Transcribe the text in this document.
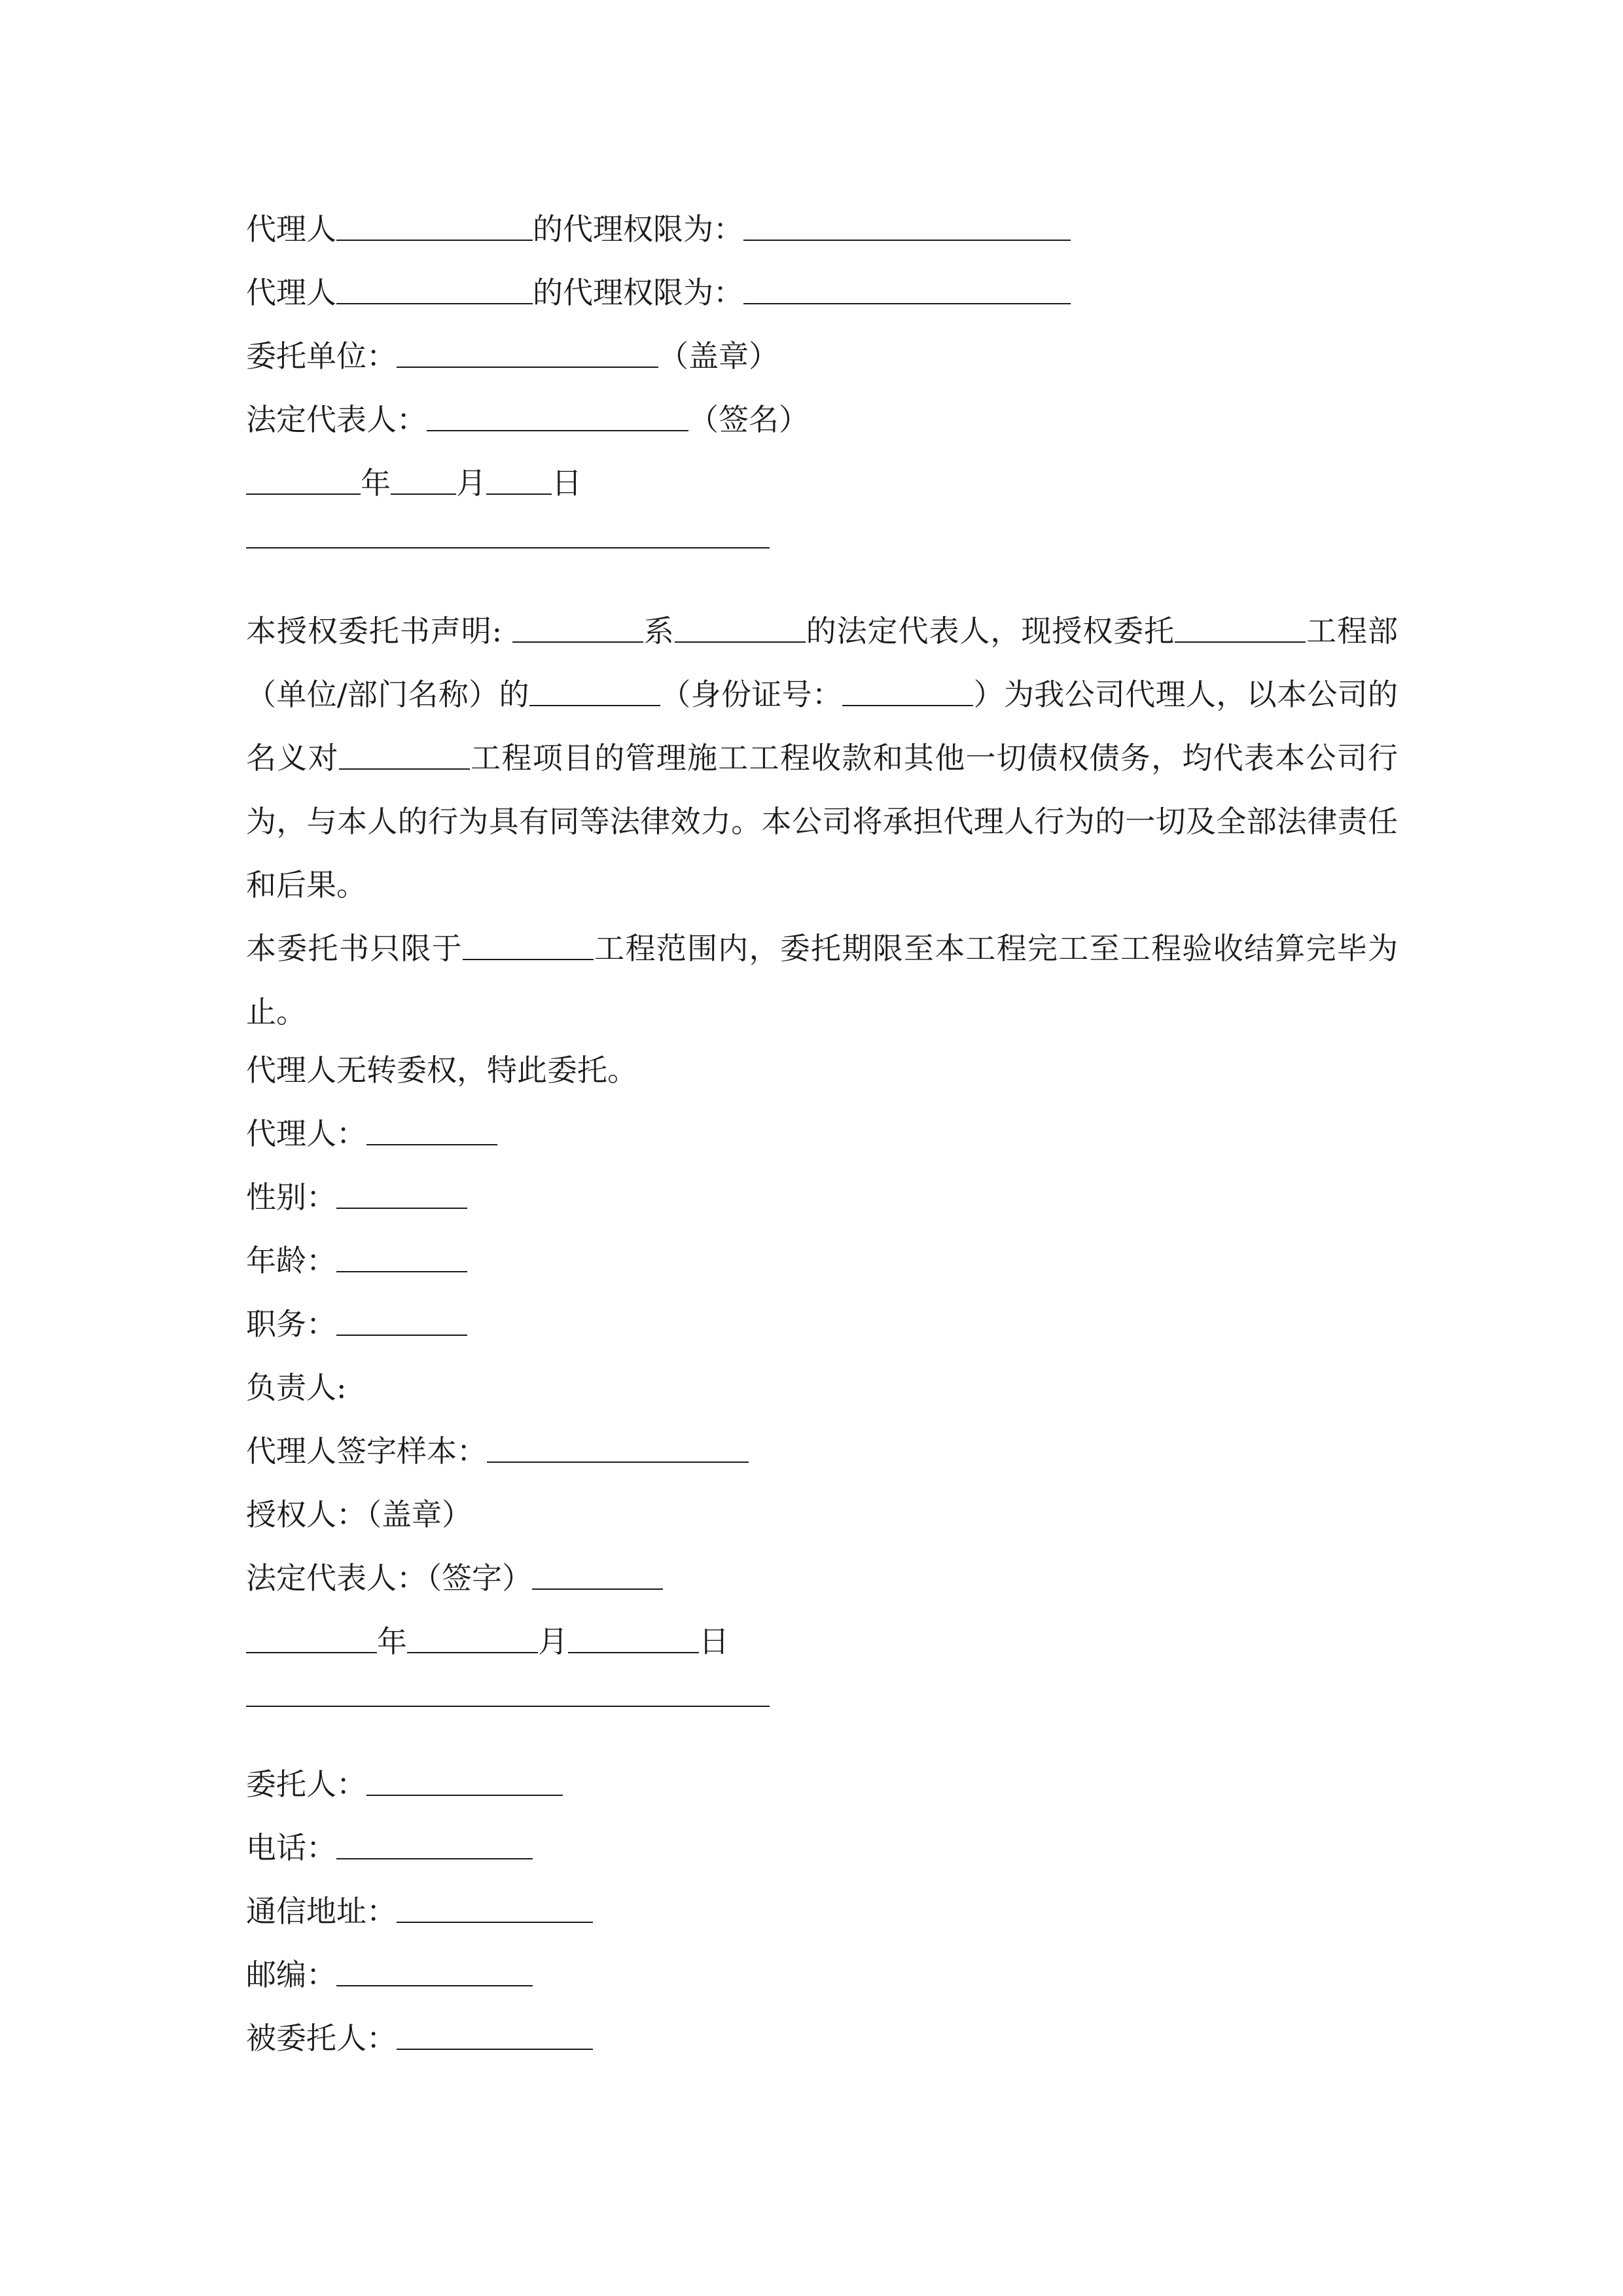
代理人	的代理权限为：
代理人	的代理权限为：
委托单位：	（盖章）
法定代表人：	（签名）
年 月 日
本授权委托书声明:	系	的法定代表人，现授权委托	工程部（单位/部门名称）的	（身份证号：	）为我公司代理人，以本公司的名义对	工程项目的管理施工工程收款和其他一切债权债务，均代表本公司行为，与本人的行为具有同等法律效力。本公司将承担代理人行为的一切及全部法律责任和后果。
本委托书只限于	工程范围内，委托期限至本工程完工至工程验收结算完毕为止。
代理人无转委权，特此委托。
代理人：
性别：
年龄：
职务：
负责人:
代理人签字样本：
授权人：（盖章）
法定代表人：（签字）
年	月	日
委托人：
电话：
通信地址：
邮编：
被委托人：
